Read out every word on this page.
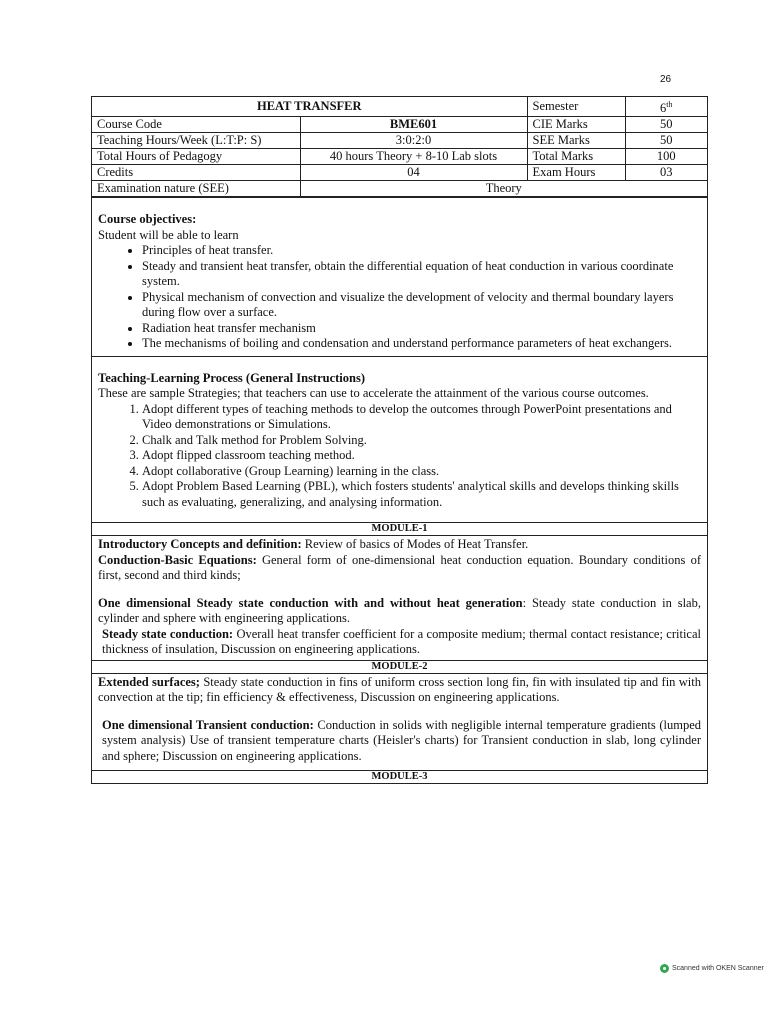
26
HEAT TRANSFER		Semester	6th
Course Code	BME601	CIE Marks	50
Teaching Hours/Week (L:T:P: S)	3:0:2:0	SEE Marks	50
Total Hours of Pedagogy	40 hours Theory + 8-10 Lab slots	Total Marks	100
Credits	04	Exam Hours	03
Examination nature (SEE)	Theory		
Course objectives:
Student will be able to learn
• Principles of heat transfer.
• Steady and transient heat transfer, obtain the differential equation of heat conduction in various coordinate system.
• Physical mechanism of convection and visualize the development of velocity and thermal boundary layers during flow over a surface.
• Radiation heat transfer mechanism
• The mechanisms of boiling and condensation and understand performance parameters of heat exchangers.
Teaching-Learning Process (General Instructions)
These are sample Strategies; that teachers can use to accelerate the attainment of the various course outcomes.
1. Adopt different types of teaching methods to develop the outcomes through PowerPoint presentations and Video demonstrations or Simulations.
2. Chalk and Talk method for Problem Solving.
3. Adopt flipped classroom teaching method.
4. Adopt collaborative (Group Learning) learning in the class.
5. Adopt Problem Based Learning (PBL), which fosters students' analytical skills and develops thinking skills such as evaluating, generalizing, and analysing information.
MODULE-1

Introductory Concepts and definition: Review of basics of Modes of Heat Transfer.

Conduction-Basic Equations: General form of one-dimensional heat conduction equation. Boundary conditions of first, second and third kinds;

One dimensional Steady state conduction with and without heat generation: Steady state conduction in slab, cylinder and sphere with engineering applications.

Steady state conduction: Overall heat transfer coefficient for a composite medium; thermal contact resistance; critical thickness of insulation, Discussion on engineering applications.

MODULE-2

Extended surfaces; Steady state conduction in fins of uniform cross section long fin, fin with insulated tip and fin with convection at the tip; fin efficiency & effectiveness, Discussion on engineering applications.

One dimensional Transient conduction: Conduction in solids with negligible internal temperature gradients (lumped system analysis) Use of transient temperature charts (Heisler's charts) for Transient conduction in slab, long cylinder and sphere; Discussion on engineering applications.

MODULE-3
Scanned with OKEN Scanner
